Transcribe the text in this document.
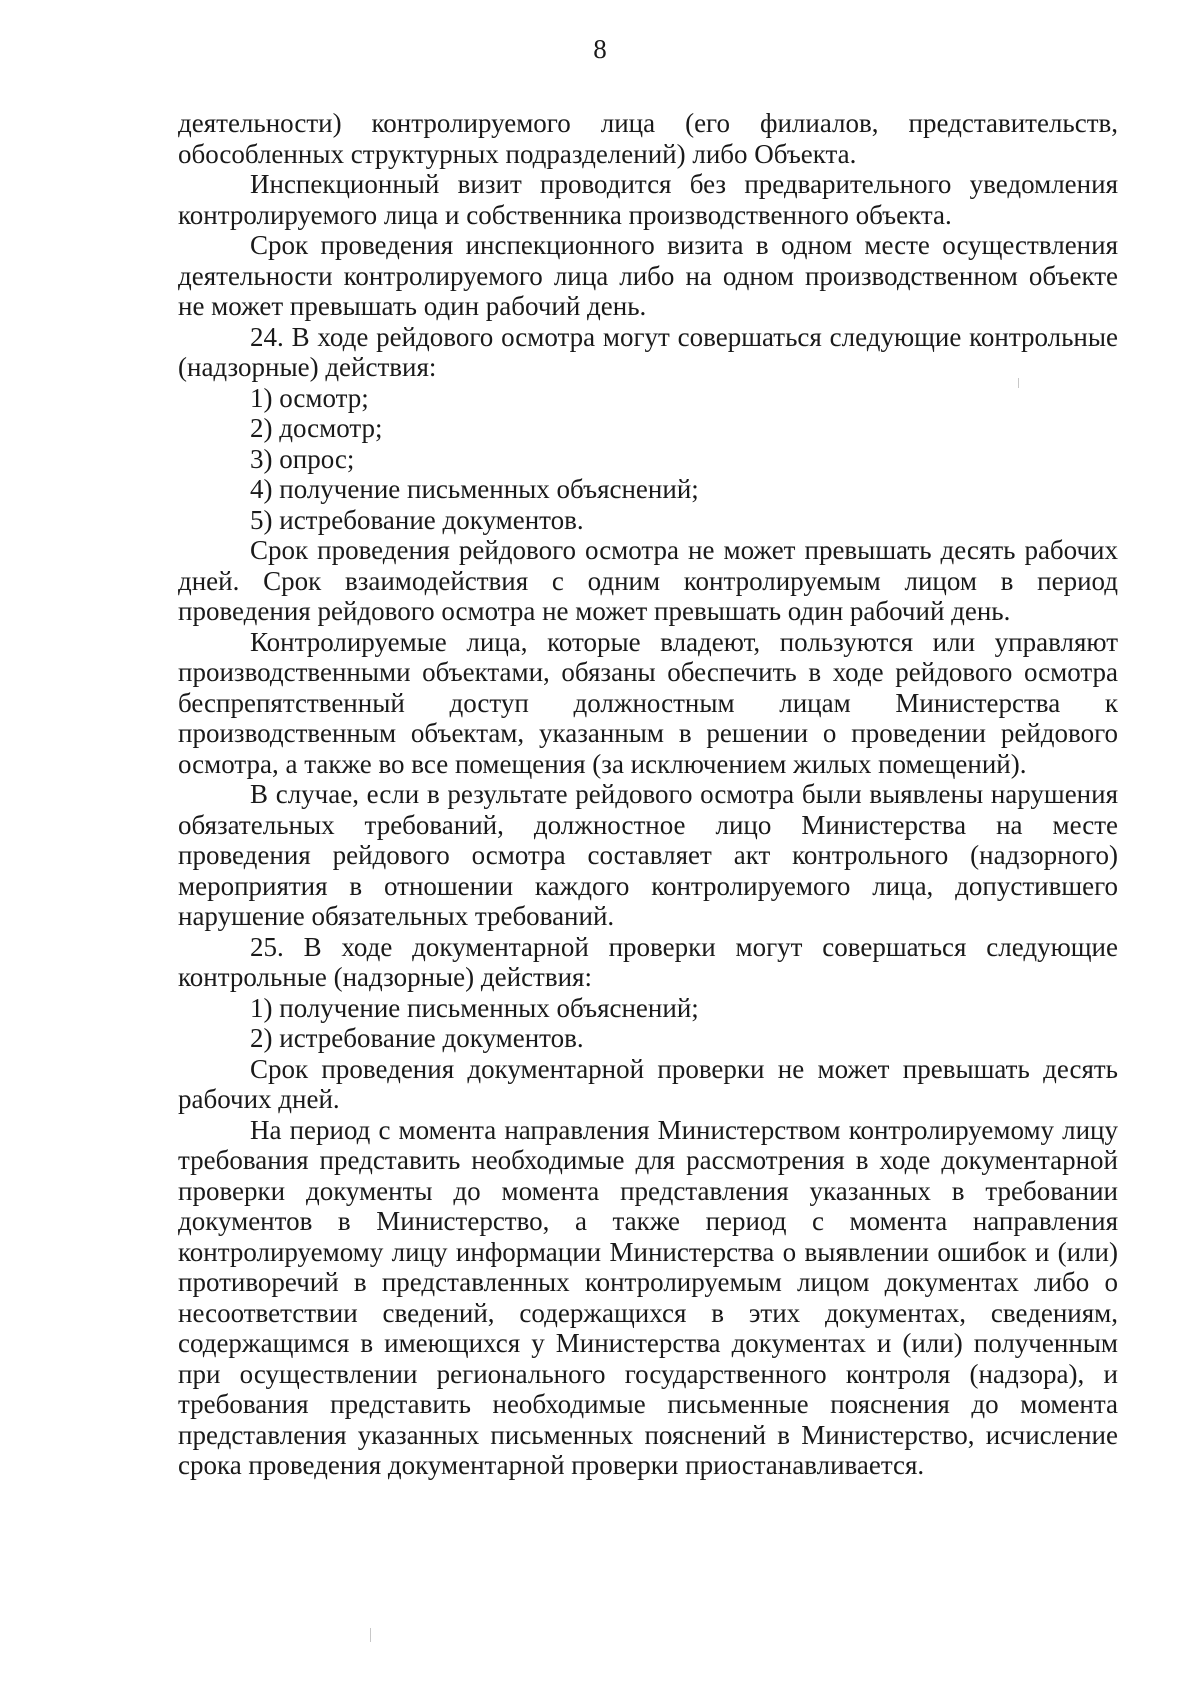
8

деятельности) контролируемого лица (его филиалов, представительств, обособленных структурных подразделений) либо Объекта.

Инспекционный визит проводится без предварительного уведомления контролируемого лица и собственника производственного объекта.

Срок проведения инспекционного визита в одном месте осуществления деятельности контролируемого лица либо на одном производственном объекте не может превышать один рабочий день.

24. В ходе рейдового осмотра могут совершаться следующие контрольные (надзорные) действия:

1) осмотр;

2) досмотр;

3) опрос;

4) получение письменных объяснений;

5) истребование документов.

Срок проведения рейдового осмотра не может превышать десять рабочих дней. Срок взаимодействия с одним контролируемым лицом в период проведения рейдового осмотра не может превышать один рабочий день.

Контролируемые лица, которые владеют, пользуются или управляют производственными объектами, обязаны обеспечить в ходе рейдового осмотра беспрепятственный доступ должностным лицам Министерства к производственным объектам, указанным в решении о проведении рейдового осмотра, а также во все помещения (за исключением жилых помещений).

В случае, если в результате рейдового осмотра были выявлены нарушения обязательных требований, должностное лицо Министерства на месте проведения рейдового осмотра составляет акт контрольного (надзорного) мероприятия в отношении каждого контролируемого лица, допустившего нарушение обязательных требований.

25. В ходе документарной проверки могут совершаться следующие контрольные (надзорные) действия:

1) получение письменных объяснений;

2) истребование документов.

Срок проведения документарной проверки не может превышать десять рабочих дней.

На период с момента направления Министерством контролируемому лицу требования представить необходимые для рассмотрения в ходе документарной проверки документы до момента представления указанных в требовании документов в Министерство, а также период с момента направления контролируемому лицу информации Министерства о выявлении ошибок и (или) противоречий в представленных контролируемым лицом документах либо о несоответствии сведений, содержащихся в этих документах, сведениям, содержащимся в имеющихся у Министерства документах и (или) полученным при осуществлении регионального государственного контроля (надзора), и требования представить необходимые письменные пояснения до момента представления указанных письменных пояснений в Министерство, исчисление срока проведения документарной проверки приостанавливается.
